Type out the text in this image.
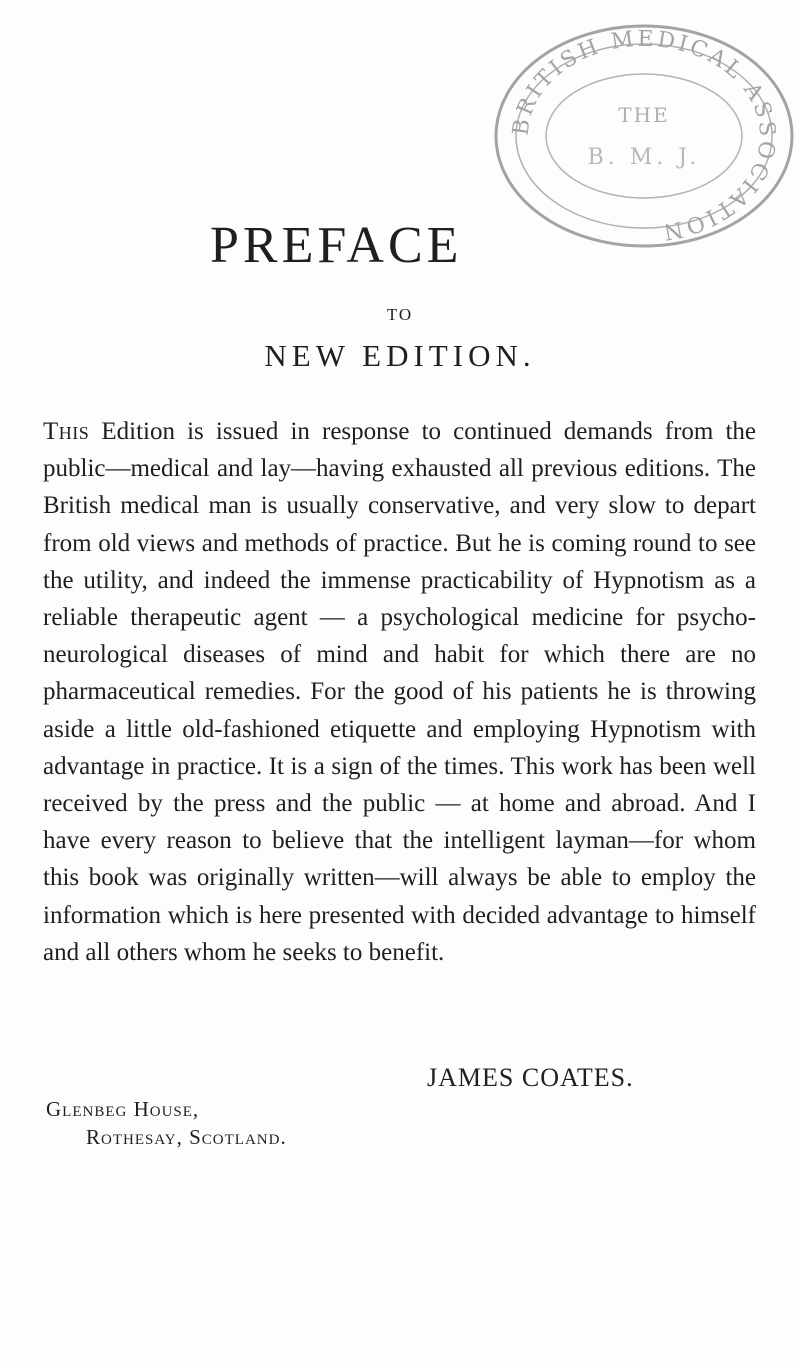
BRITISH MEDICAL ASSOCIATION
THE
B. M. J.
PREFACE
TO
NEW EDITION.

This Edition is issued in response to continued demands from the public—medical and lay—having exhausted all previous editions. The British medical man is usually conservative, and very slow to depart from old views and methods of practice. But he is coming round to see the utility, and indeed the immense practicability of Hypnotism as a reliable therapeutic agent — a psychological medicine for psycho-neurological diseases of mind and habit for which there are no pharmaceutical remedies. For the good of his patients he is throwing aside a little old-fashioned etiquette and employing Hypnotism with advantage in practice. It is a sign of the times. This work has been well received by the press and the public — at home and abroad. And I have every reason to believe that the intelligent layman—for whom this book was originally written—will always be able to employ the information which is here presented with decided advantage to himself and all others whom he seeks to benefit.

JAMES COATES.

Glenbeg House,
Rothesay, Scotland.
